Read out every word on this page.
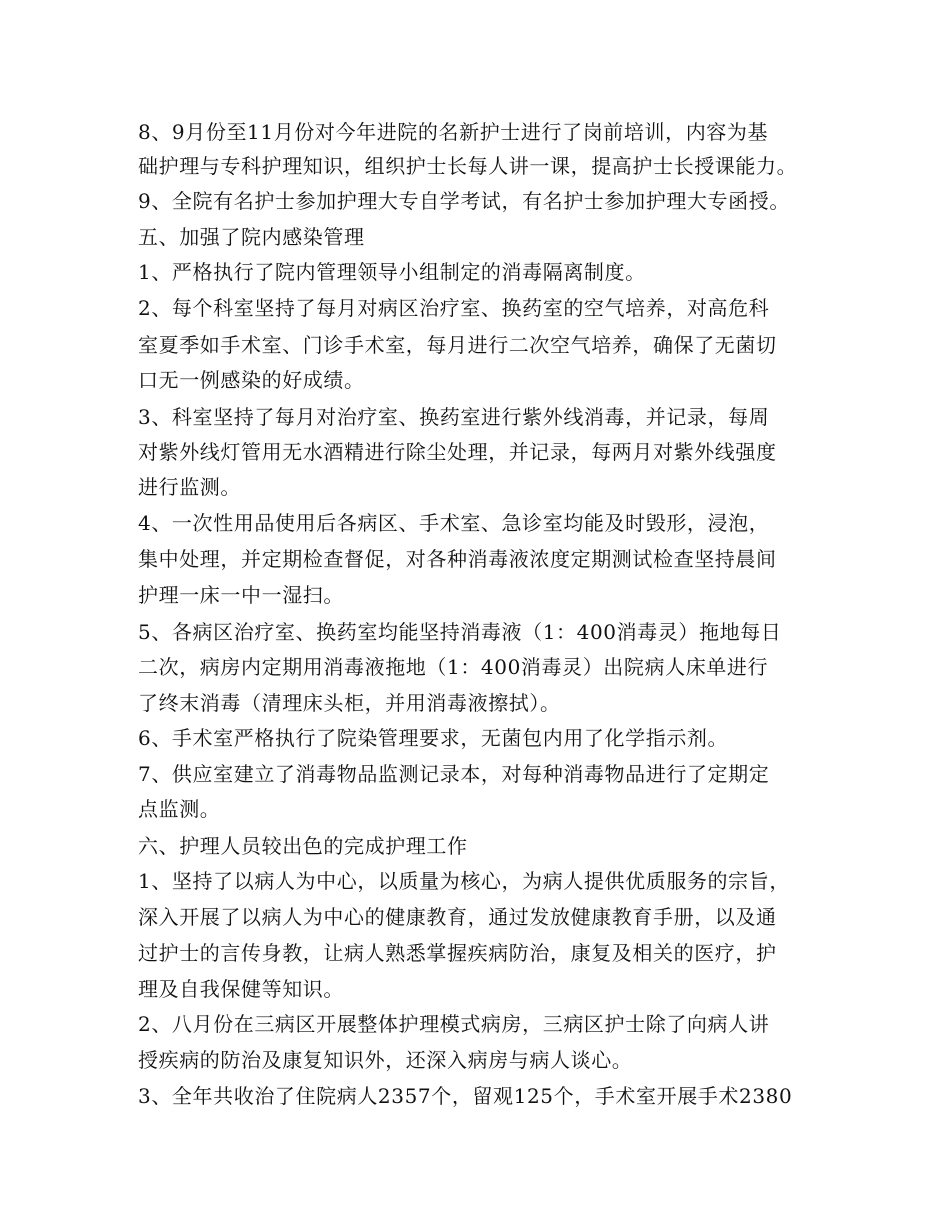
8、9月份至11月份对今年进院的名新护士进行了岗前培训，内容为基
础护理与专科护理知识，组织护士长每人讲一课，提高护士长授课能力。
9、全院有名护士参加护理大专自学考试，有名护士参加护理大专函授。
五、加强了院内感染管理
1、严格执行了院内管理领导小组制定的消毒隔离制度。
2、每个科室坚持了每月对病区治疗室、换药室的空气培养，对高危科
室夏季如手术室、门诊手术室，每月进行二次空气培养，确保了无菌切
口无一例感染的好成绩。
3、科室坚持了每月对治疗室、换药室进行紫外线消毒，并记录，每周
对紫外线灯管用无水酒精进行除尘处理，并记录，每两月对紫外线强度
进行监测。
4、一次性用品使用后各病区、手术室、急诊室均能及时毁形，浸泡，
集中处理，并定期检查督促，对各种消毒液浓度定期测试检查坚持晨间
护理一床一中一湿扫。
5、各病区治疗室、换药室均能坚持消毒液（1：400消毒灵）拖地每日
二次，病房内定期用消毒液拖地（1：400消毒灵）出院病人床单进行
了终末消毒（清理床头柜，并用消毒液擦拭）。
6、手术室严格执行了院染管理要求，无菌包内用了化学指示剂。
7、供应室建立了消毒物品监测记录本，对每种消毒物品进行了定期定
点监测。
六、护理人员较出色的完成护理工作
1、坚持了以病人为中心，以质量为核心，为病人提供优质服务的宗旨，
深入开展了以病人为中心的健康教育，通过发放健康教育手册，以及通
过护士的言传身教，让病人熟悉掌握疾病防治，康复及相关的医疗，护
理及自我保健等知识。
2、八月份在三病区开展整体护理模式病房，三病区护士除了向病人讲
授疾病的防治及康复知识外，还深入病房与病人谈心。
3、全年共收治了住院病人2357个，留观125个，手术室开展手术2380
